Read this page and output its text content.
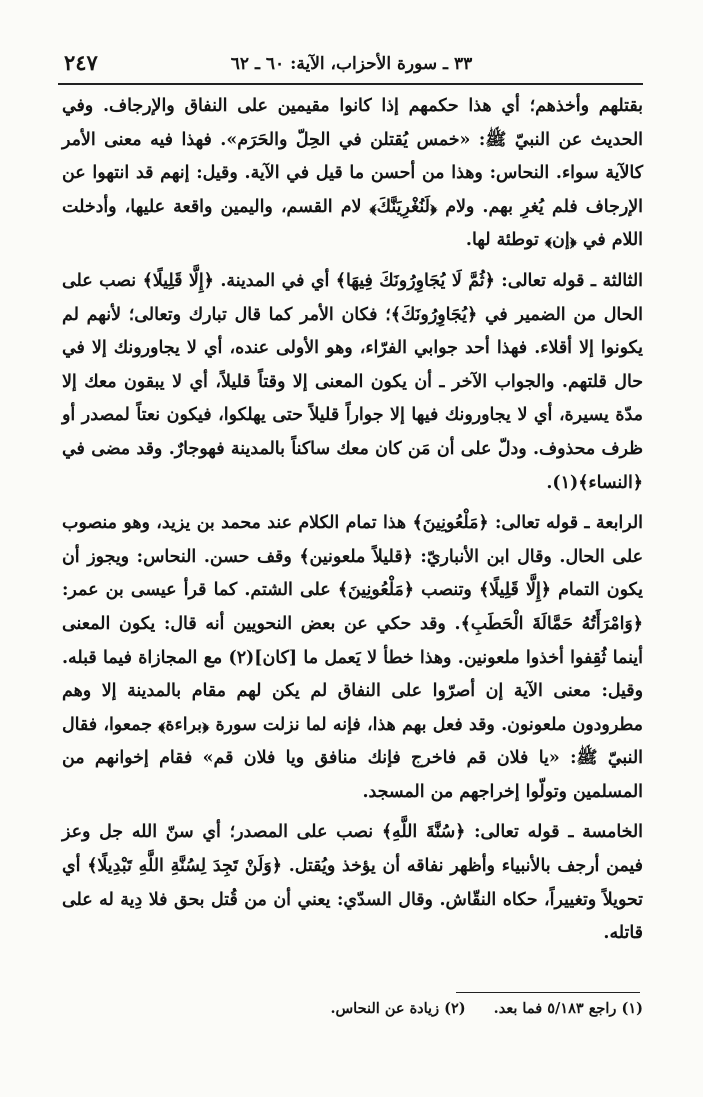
٢٤٧	٣٣ ـ سورة الأحزاب، الآية: ٦٠ ـ ٦٢

بقتلهم وأخذهم؛ أي هذا حكمهم إذا كانوا مقيمين على النفاق والإرجاف. وفي الحديث عن النبيّ ﷺ: «خمس يُقتلن في الحِلّ والحَرَم». فهذا فيه معنى الأمر كالآية سواء. النحاس: وهذا من أحسن ما قيل في الآية. وقيل: إنهم قد انتهوا عن الإرجاف فلم يُغرِ بهم. ولام ﴿لَنُغْرِيَنَّكَ﴾ لام القسم، واليمين واقعة عليها، وأدخلت اللام في ﴿إن﴾ توطئة لها.

الثالثة ـ قوله تعالى: ﴿ثُمَّ لَا يُجَاوِرُونَكَ فِيهَا﴾ أي في المدينة. ﴿إِلَّا قَلِيلًا﴾ نصب على الحال من الضمير في ﴿يُجَاوِرُونَكَ﴾؛ فكان الأمر كما قال تبارك وتعالى؛ لأنهم لم يكونوا إلا أقلاء. فهذا أحد جوابي الفرّاء، وهو الأولى عنده، أي لا يجاورونك إلا في حال قلتهم. والجواب الآخر ـ أن يكون المعنى إلا وقتاً قليلاً، أي لا يبقون معك إلا مدّة يسيرة، أي لا يجاورونك فيها إلا جواراً قليلاً حتى يهلكوا، فيكون نعتاً لمصدر أو ظرف محذوف. ودلّ على أن مَن كان معك ساكناً بالمدينة فهوجارٌ. وقد مضى في ﴿النساء﴾(١).

الرابعة ـ قوله تعالى: ﴿مَلْعُونِينَ﴾ هذا تمام الكلام عند محمد بن يزيد، وهو منصوب على الحال. وقال ابن الأنباريّ: ﴿قليلاً ملعونين﴾ وقف حسن. النحاس: ويجوز أن يكون التمام ﴿إِلَّا قَلِيلًا﴾ وتنصب ﴿مَلْعُونِينَ﴾ على الشتم. كما قرأ عيسى بن عمر: ﴿وَامْرَأَتُهُ حَمَّالَةَ الْحَطَبِ﴾. وقد حكي عن بعض النحويين أنه قال: يكون المعنى أينما ثُقِفوا أخذوا ملعونين. وهذا خطأ لا يَعمل ما [كان](٢) مع المجازاة فيما قبله. وقيل: معنى الآية إن أصرّوا على النفاق لم يكن لهم مقام بالمدينة إلا وهم مطرودون ملعونون. وقد فعل بهم هذا، فإنه لما نزلت سورة ﴿براءة﴾ جمعوا، فقال النبيّ ﷺ: «يا فلان قم فاخرج فإنك منافق ويا فلان قم» فقام إخوانهم من المسلمين وتولّوا إخراجهم من المسجد.

الخامسة ـ قوله تعالى: ﴿سُنَّةَ اللَّهِ﴾ نصب على المصدر؛ أي سنّ الله جل وعز فيمن أرجف بالأنبياء وأظهر نفاقه أن يؤخذ ويُقتل. ﴿وَلَنْ تَجِدَ لِسُنَّةِ اللَّهِ تَبْدِيلًا﴾ أي تحويلاً وتغييراً، حكاه النقّاش. وقال السدّي: يعني أن من قُتل بحق فلا دِية له على قاتله.

(١) راجع ٥/١٨٣ فما بعد.(٢) زيادة عن النحاس.
